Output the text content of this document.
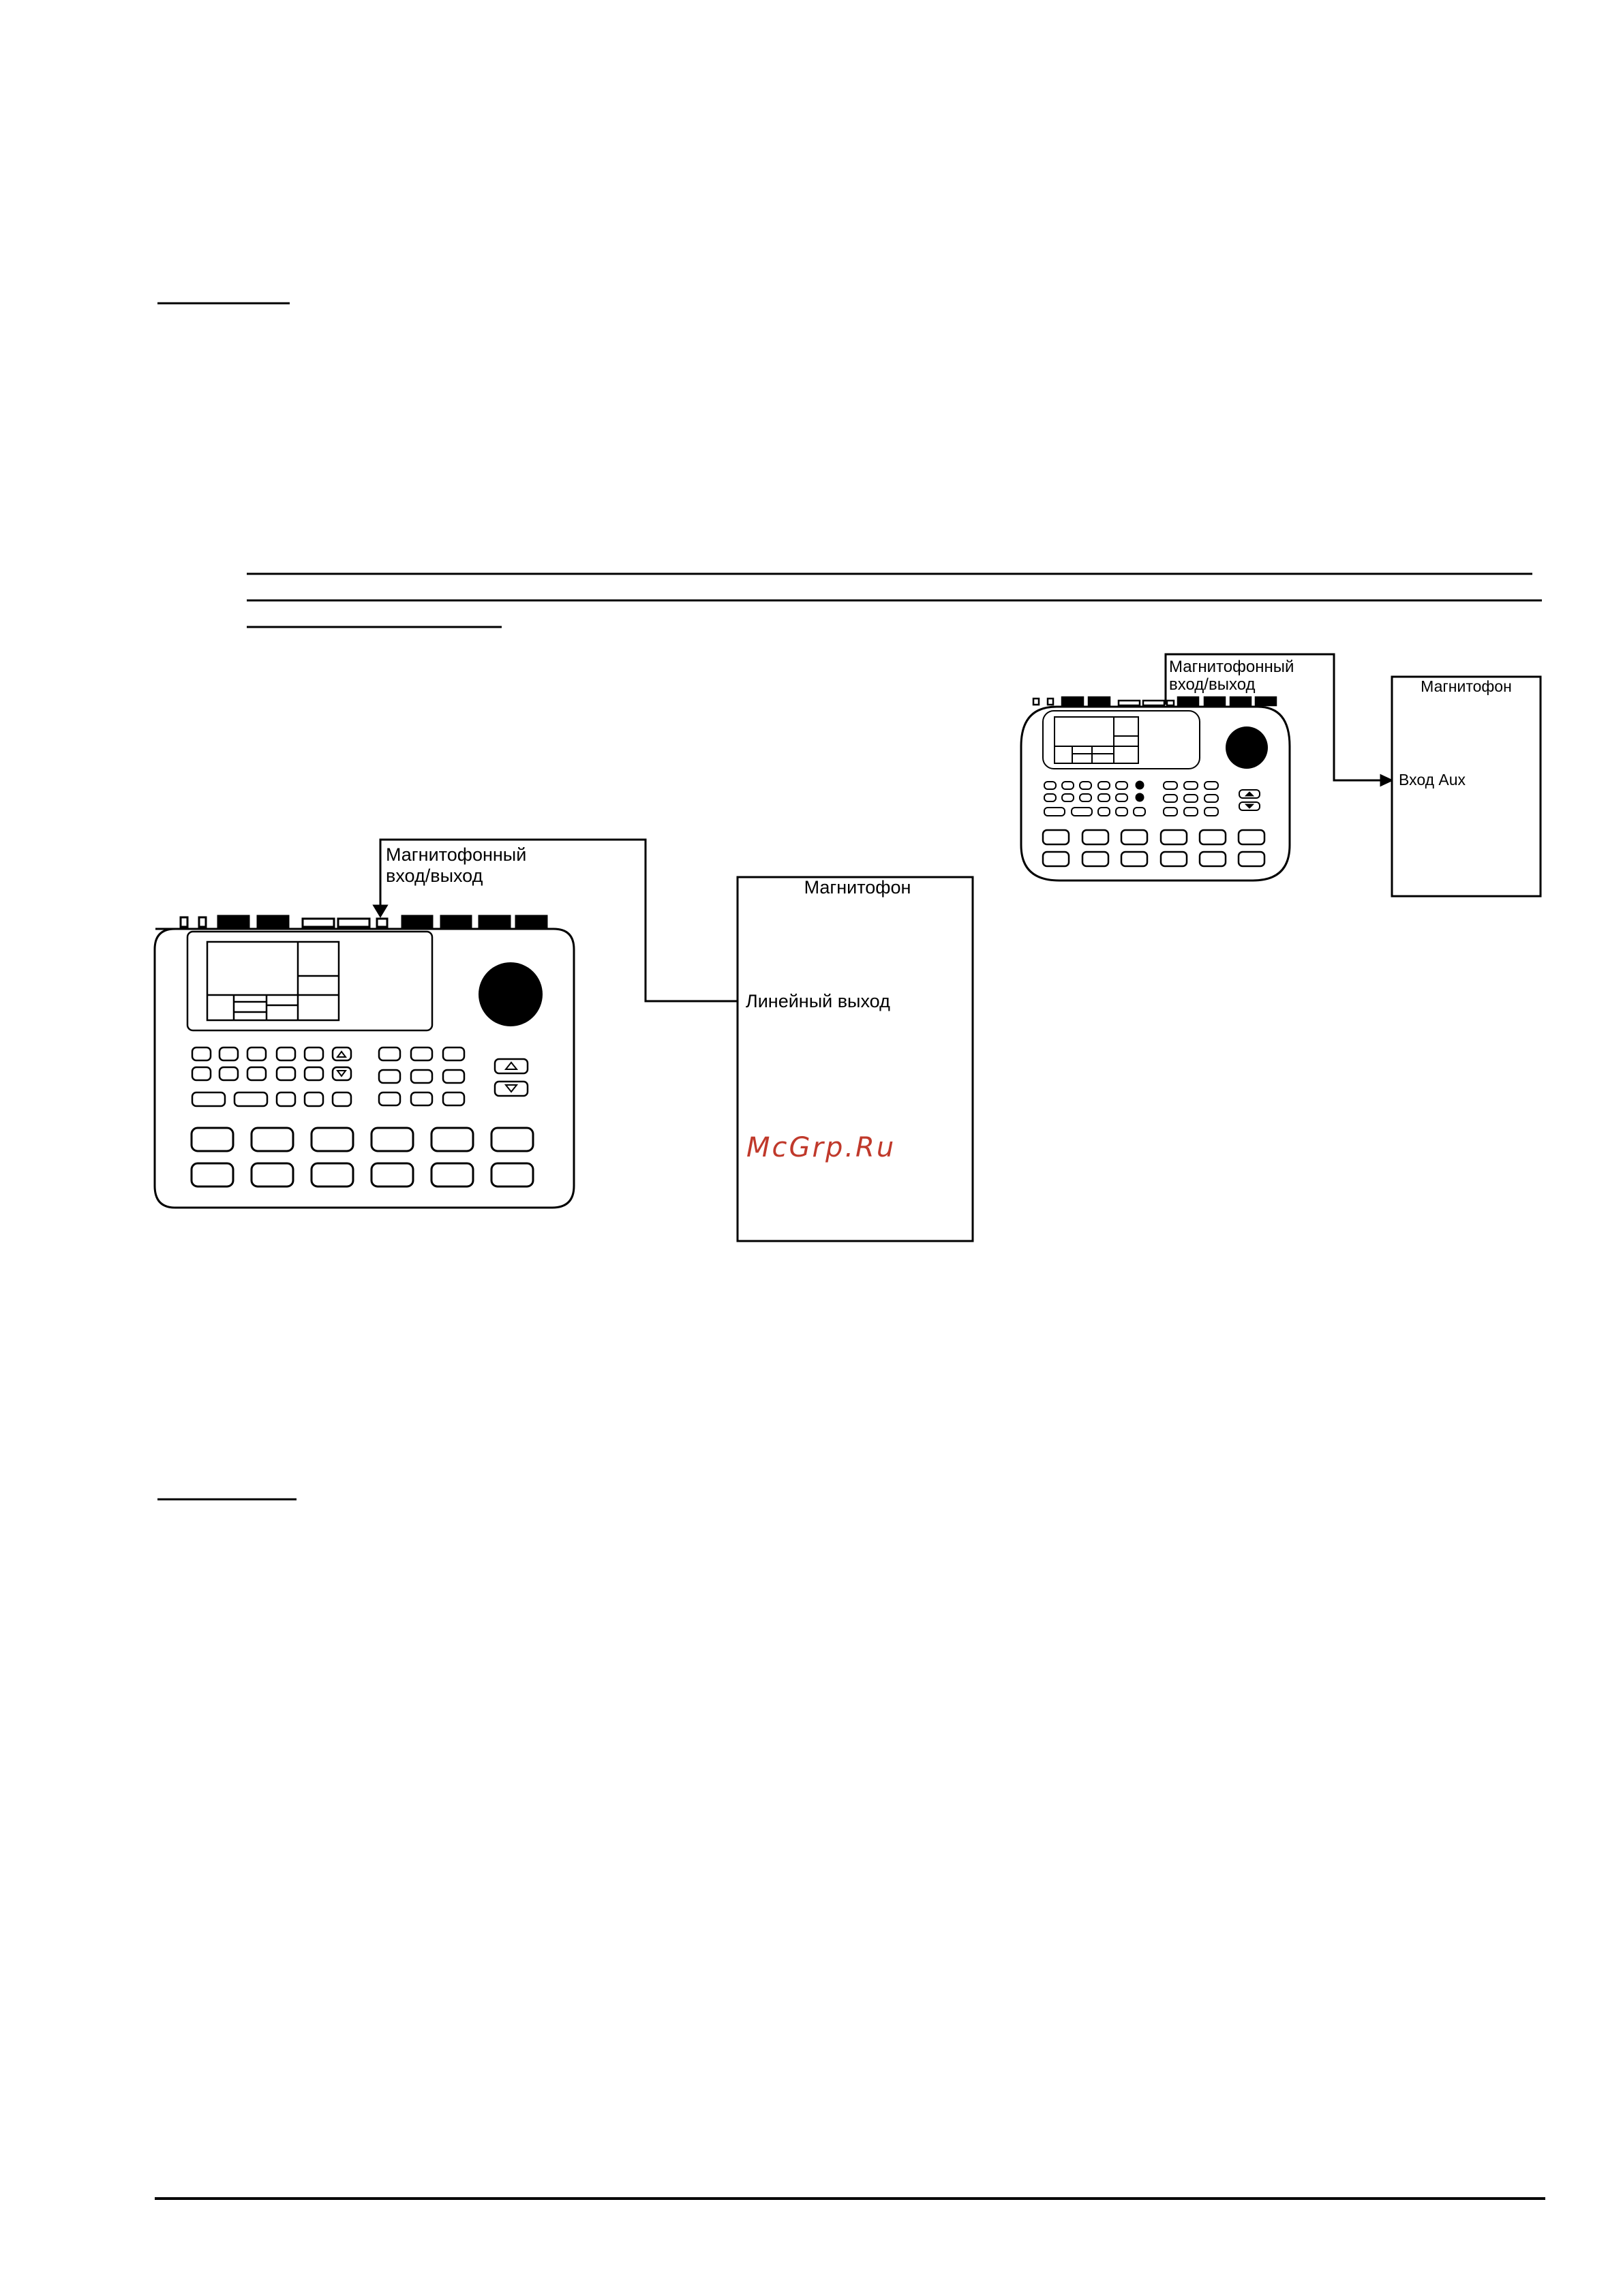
Магнитофонный
вход/выход
Магнитофон
Линейный выход
McGrp.Ru
Магнитофонный
вход/выход	Магнитофон
Вход Aux
